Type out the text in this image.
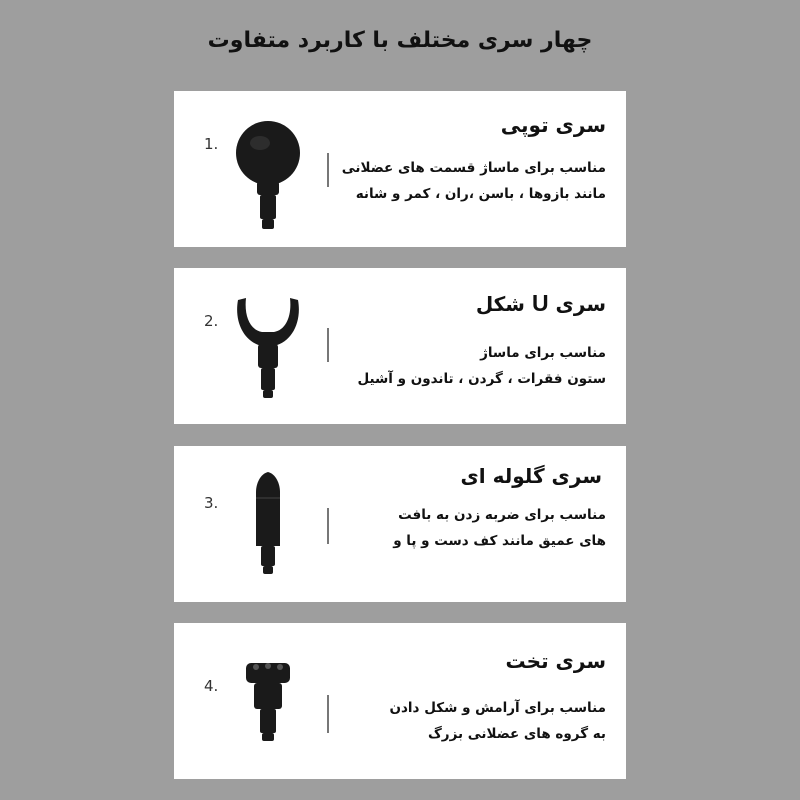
چهار سری مختلف با کاربرد متفاوت
1.
سری توپی
مناسب برای ماساژ قسمت های عضلانی
مانند بازوها ، باسن ،ران ، کمر و شانه
2.
سری U شکل
مناسب برای ماساژ
ستون فقرات ، گردن ، تاندون و آشیل
3.
سری گلوله ای
مناسب برای ضربه زدن به بافت
های عمیق مانند کف دست و پا و
4.
سری تخت
مناسب برای آرامش و شکل دادن
به گروه های عضلانی بزرگ
